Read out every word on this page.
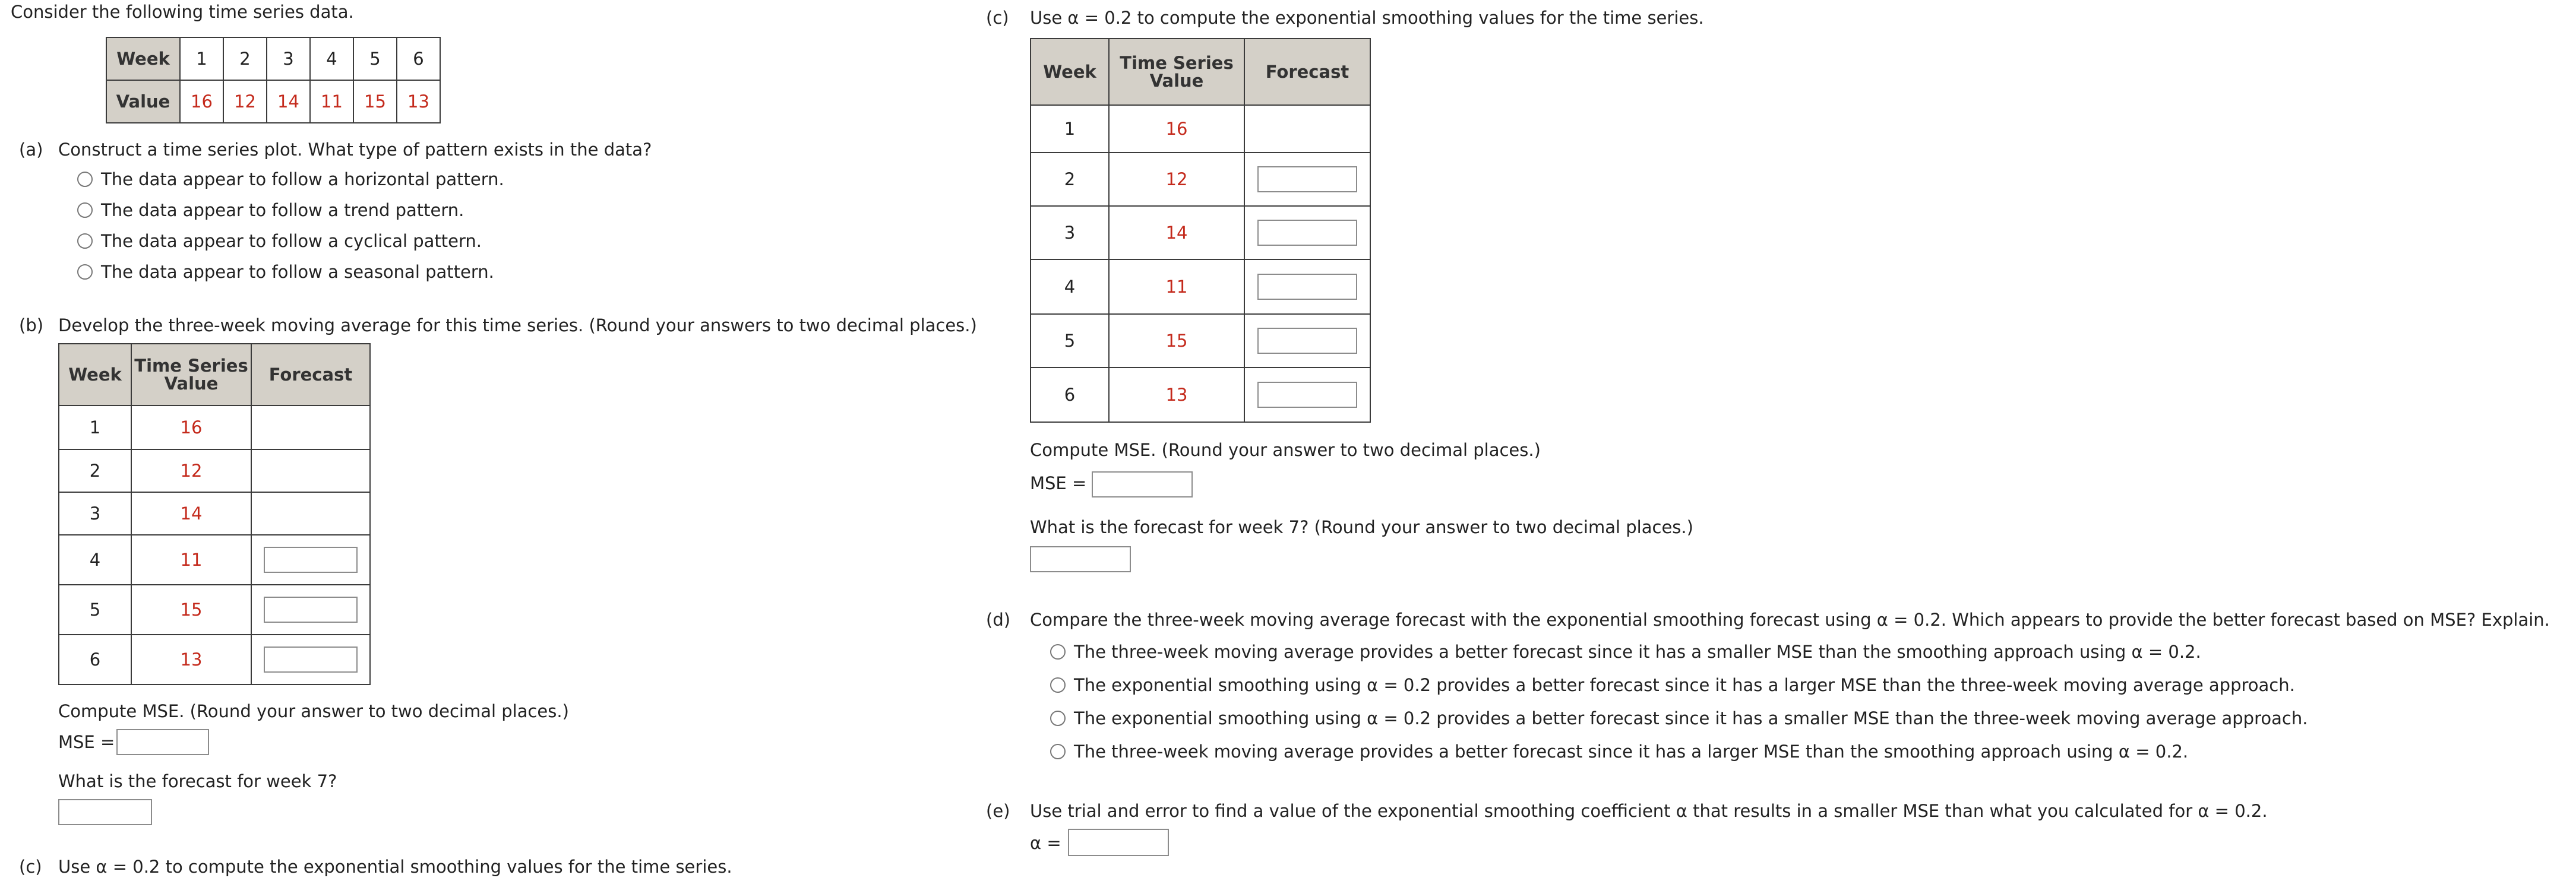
Consider the following time series data.
Week	1	2	3	4	5	6
Value	16	12	14	11	15	13
(a) Construct a time series plot. What type of pattern exists in the data?
The data appear to follow a horizontal pattern.
The data appear to follow a trend pattern.
The data appear to follow a cyclical pattern.
The data appear to follow a seasonal pattern.
(b) Develop the three-week moving average for this time series. (Round your answers to two decimal places.)
Week	Time Series Value	Forecast
1	16	
2	12	
3	14	
4	11	
5	15	
6	13	
Compute MSE. (Round your answer to two decimal places.)
MSE =
What is the forecast for week 7?
(c) Use α = 0.2 to compute the exponential smoothing values for the time series.
(c) Use α = 0.2 to compute the exponential smoothing values for the time series.
Week	Time Series Value	Forecast
1	16	
2	12	
3	14	
4	11	
5	15	
6	13	
Compute MSE. (Round your answer to two decimal places.)
MSE =
What is the forecast for week 7? (Round your answer to two decimal places.)
(d) Compare the three-week moving average forecast with the exponential smoothing forecast using α = 0.2. Which appears to provide the better forecast based on MSE? Explain.
The three-week moving average provides a better forecast since it has a smaller MSE than the smoothing approach using α = 0.2.
The exponential smoothing using α = 0.2 provides a better forecast since it has a larger MSE than the three-week moving average approach.
The exponential smoothing using α = 0.2 provides a better forecast since it has a smaller MSE than the three-week moving average approach.
The three-week moving average provides a better forecast since it has a larger MSE than the smoothing approach using α = 0.2.
(e) Use trial and error to find a value of the exponential smoothing coefficient α that results in a smaller MSE than what you calculated for α = 0.2.
α =
